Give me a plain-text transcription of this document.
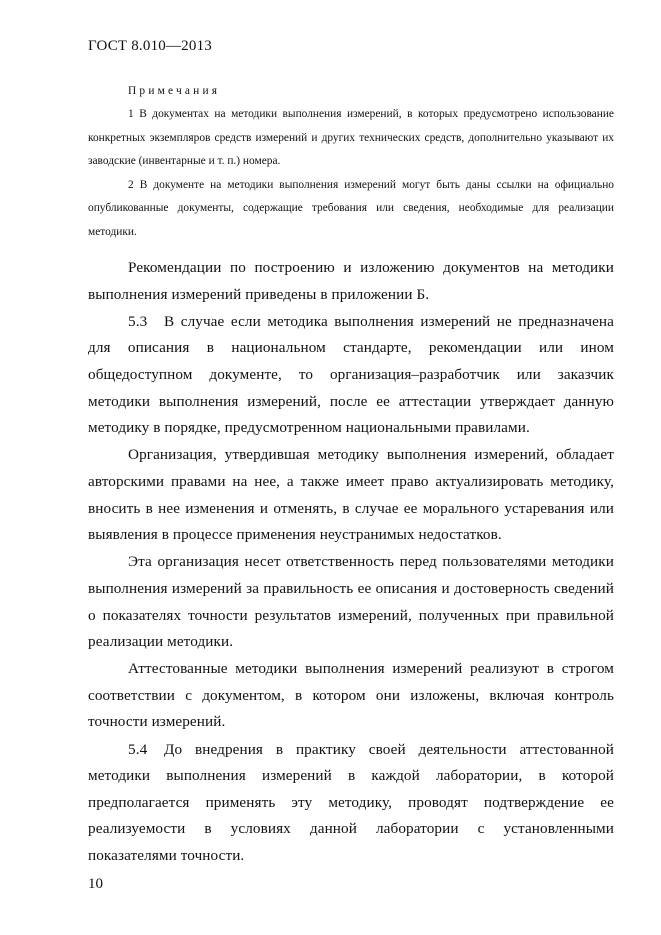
ГОСТ 8.010—2013
Примечания

1 В документах на методики выполнения измерений, в которых предусмотрено использование конкретных экземпляров средств измерений и других технических средств, дополнительно указывают их заводские (инвентарные и т. п.) номера.

2 В документе на методики выполнения измерений могут быть даны ссылки на официально опубликованные документы, содержащие требования или сведения, необходимые для реализации методики.

Рекомендации по построению и изложению документов на методики выполнения измерений приведены в приложении Б.

5.3 В случае если методика выполнения измерений не предназначена для описания в национальном стандарте, рекомендации или ином общедоступном документе, то организация–разработчик или заказчик методики выполнения измерений, после ее аттестации утверждает данную методику в порядке, предусмотренном национальными правилами.

Организация, утвердившая методику выполнения измерений, обладает авторскими правами на нее, а также имеет право актуализировать методику, вносить в нее изменения и отменять, в случае ее морального устаревания или выявления в процессе применения неустранимых недостатков.

Эта организация несет ответственность перед пользователями методики выполнения измерений за правильность ее описания и достоверность сведений о показателях точности результатов измерений, полученных при правильной реализации методики.

Аттестованные методики выполнения измерений реализуют в строгом соответствии с документом, в котором они изложены, включая контроль точности измерений.

5.4 До внедрения в практику своей деятельности аттестованной методики выполнения измерений в каждой лаборатории, в которой предполагается применять эту методику, проводят подтверждение ее реализуемости в условиях данной лаборатории с установленными показателями точности.

10
